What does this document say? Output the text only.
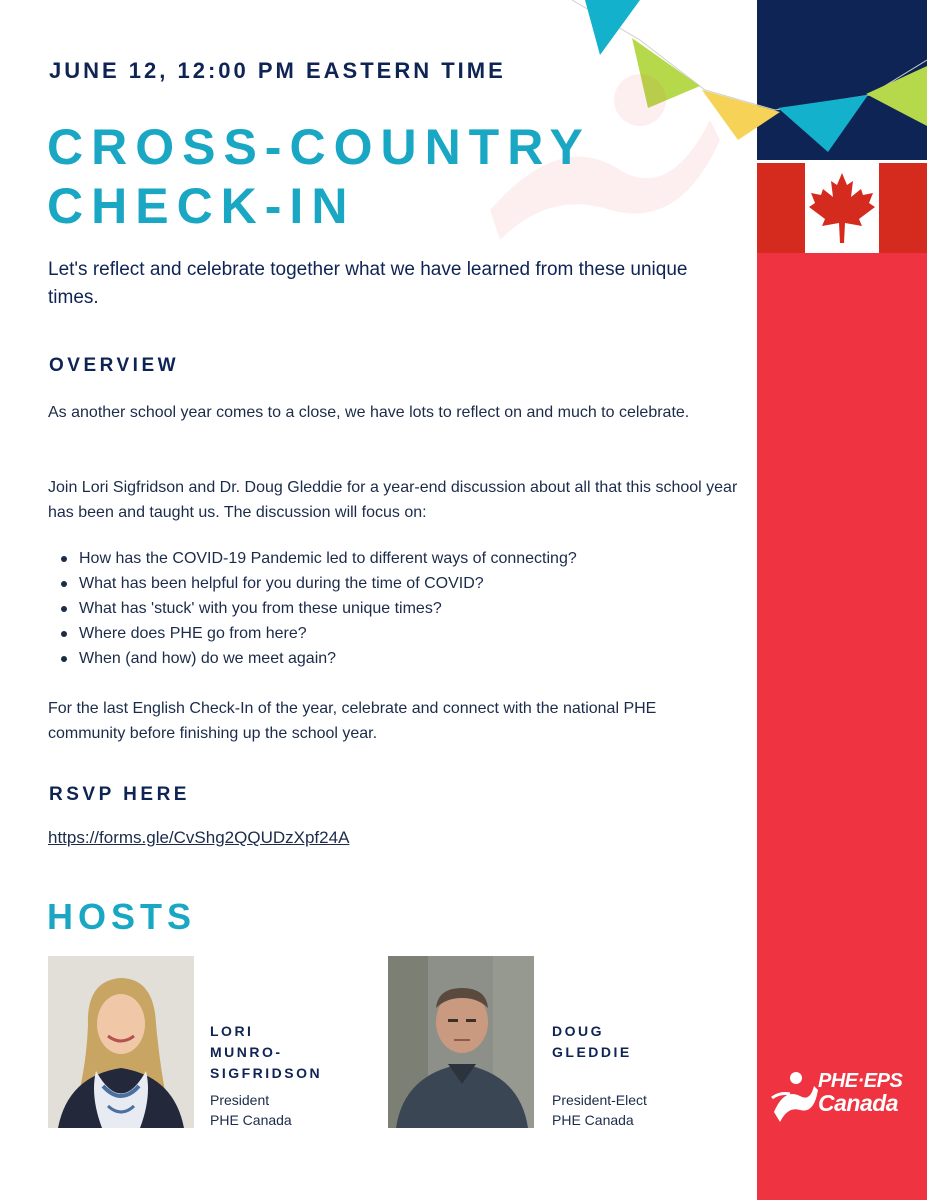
JUNE 12, 12:00 PM EASTERN TIME
CROSS-COUNTRY
CHECK-IN
Let's reflect and celebrate together what we have learned from these unique times.
OVERVIEW
As another school year comes to a close, we have lots to reflect on and much to celebrate.
Join Lori Sigfridson and Dr. Doug Gleddie for a year-end discussion about all that this school year has been and taught us. The discussion will focus on:
How has the COVID-19 Pandemic led to different ways of connecting?
What has been helpful for you during the time of COVID?
What has 'stuck' with you from these unique times?
Where does PHE go from here?
When (and how) do we meet again?
For the last English Check-In of the year, celebrate and connect with the national PHE community before finishing up the school year.
RSVP HERE
https://forms.gle/CvShg2QQUDzXpf24A
HOSTS
LORI
MUNRO-
SIGFRIDSON
President
PHE Canada
DOUG
GLEDDIE
President-Elect
PHE Canada
PHE·EPS
Canada
